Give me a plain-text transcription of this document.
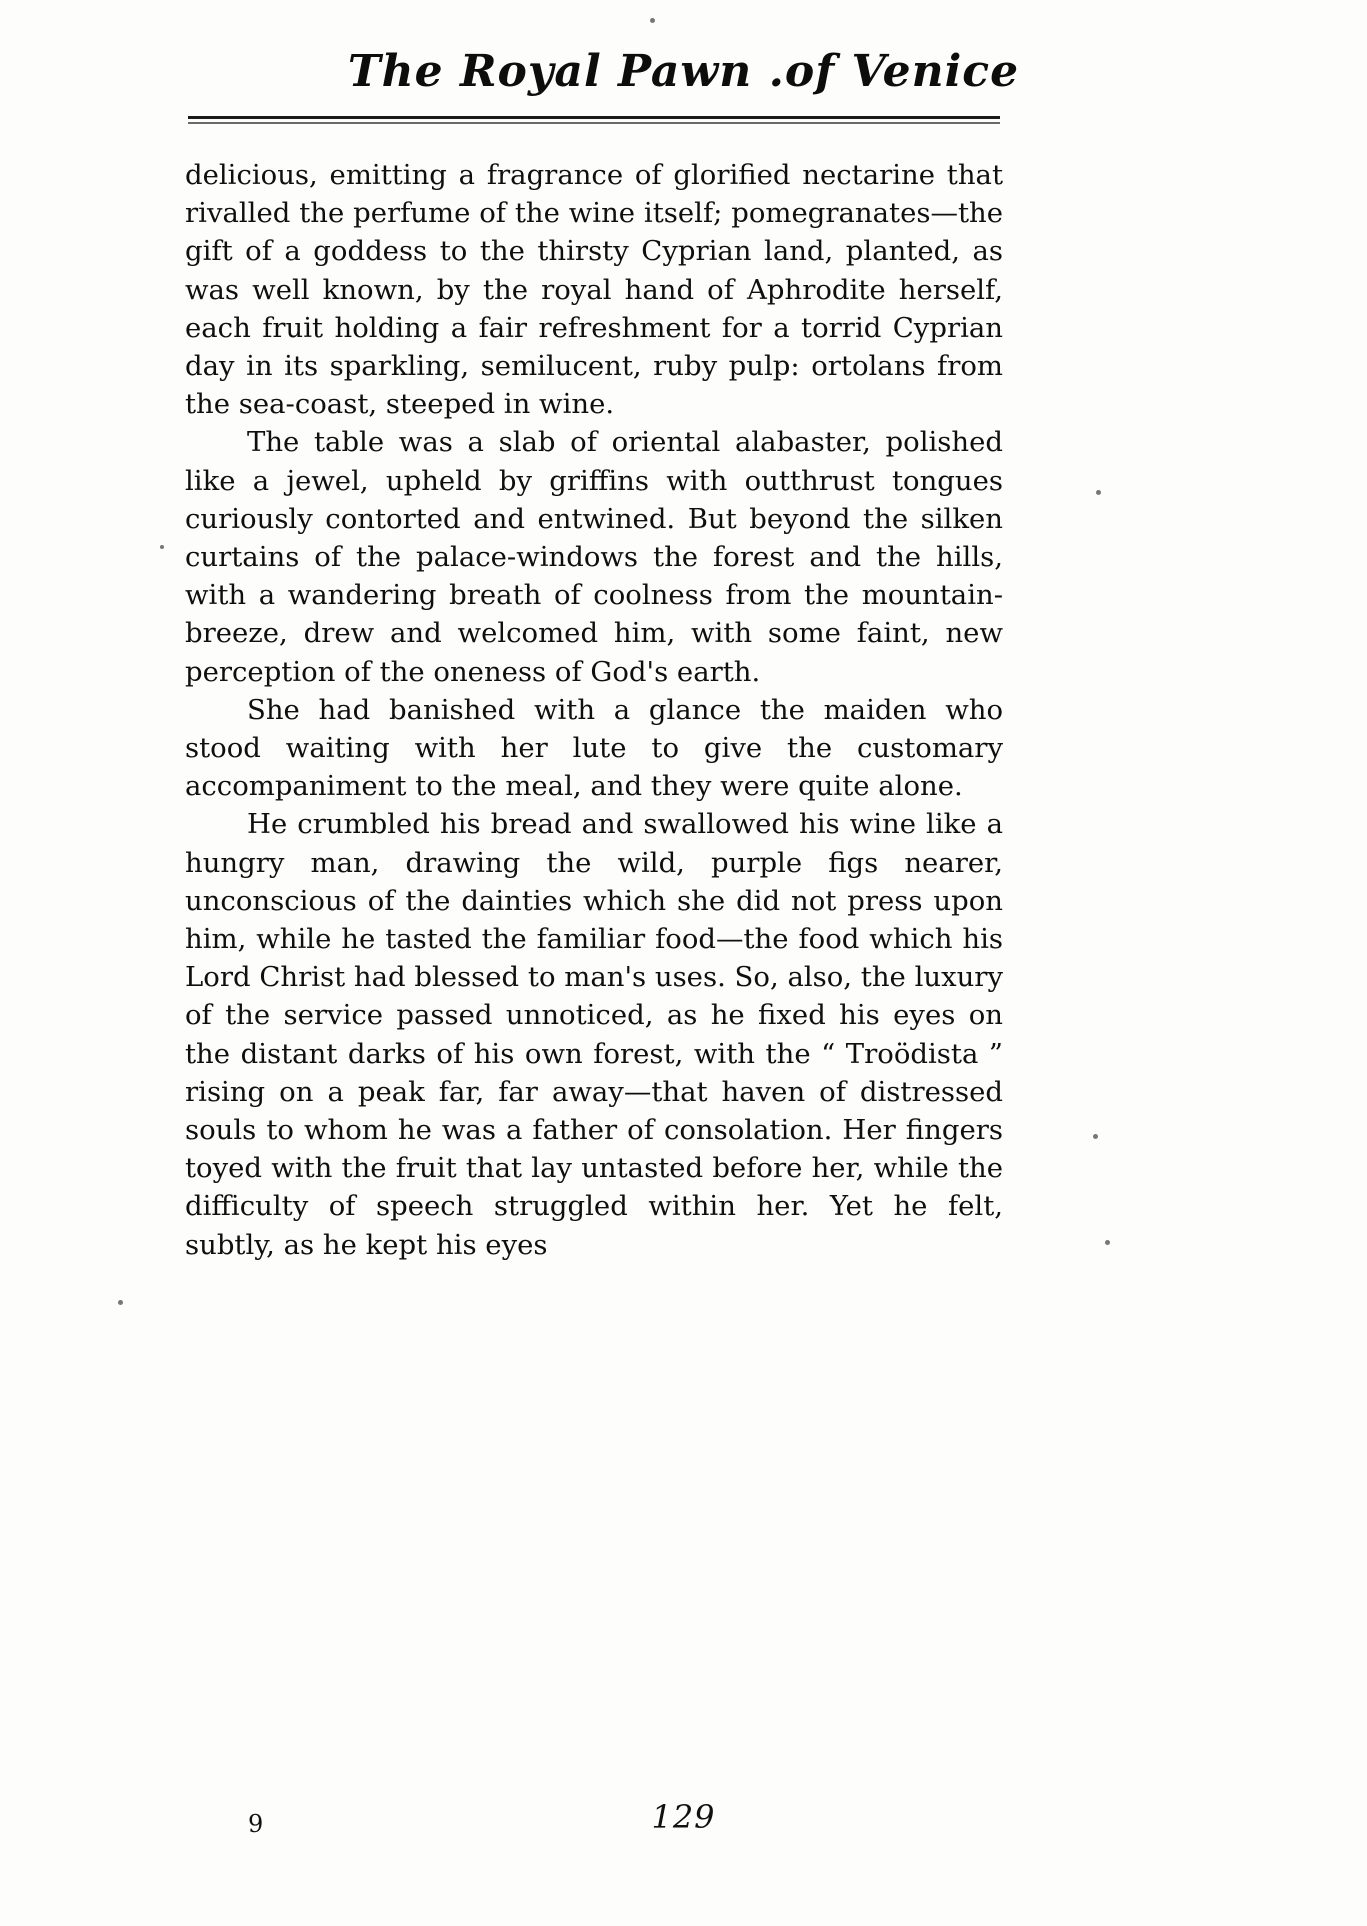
The Royal Pawn .of Venice

delicious, emitting a fragrance of glorified nectarine that rivalled the perfume of the wine itself; pomegranates—the gift of a goddess to the thirsty Cyprian land, planted, as was well known, by the royal hand of Aphrodite herself, each fruit holding a fair refreshment for a torrid Cyprian day in its sparkling, semilucent, ruby pulp: ortolans from the sea-coast, steeped in wine.

The table was a slab of oriental alabaster, polished like a jewel, upheld by griffins with outthrust tongues curiously contorted and entwined. But beyond the silken curtains of the palace-windows the forest and the hills, with a wandering breath of coolness from the mountain-breeze, drew and welcomed him, with some faint, new perception of the oneness of God's earth.

She had banished with a glance the maiden who stood waiting with her lute to give the customary accompaniment to the meal, and they were quite alone.

He crumbled his bread and swallowed his wine like a hungry man, drawing the wild, purple figs nearer, unconscious of the dainties which she did not press upon him, while he tasted the familiar food—the food which his Lord Christ had blessed to man's uses. So, also, the luxury of the service passed unnoticed, as he fixed his eyes on the distant darks of his own forest, with the “ Troödista ” rising on a peak far, far away—that haven of distressed souls to whom he was a father of consolation. Her fingers toyed with the fruit that lay untasted before her, while the difficulty of speech struggled within her. Yet he felt, subtly, as he kept his eyes

9	129
